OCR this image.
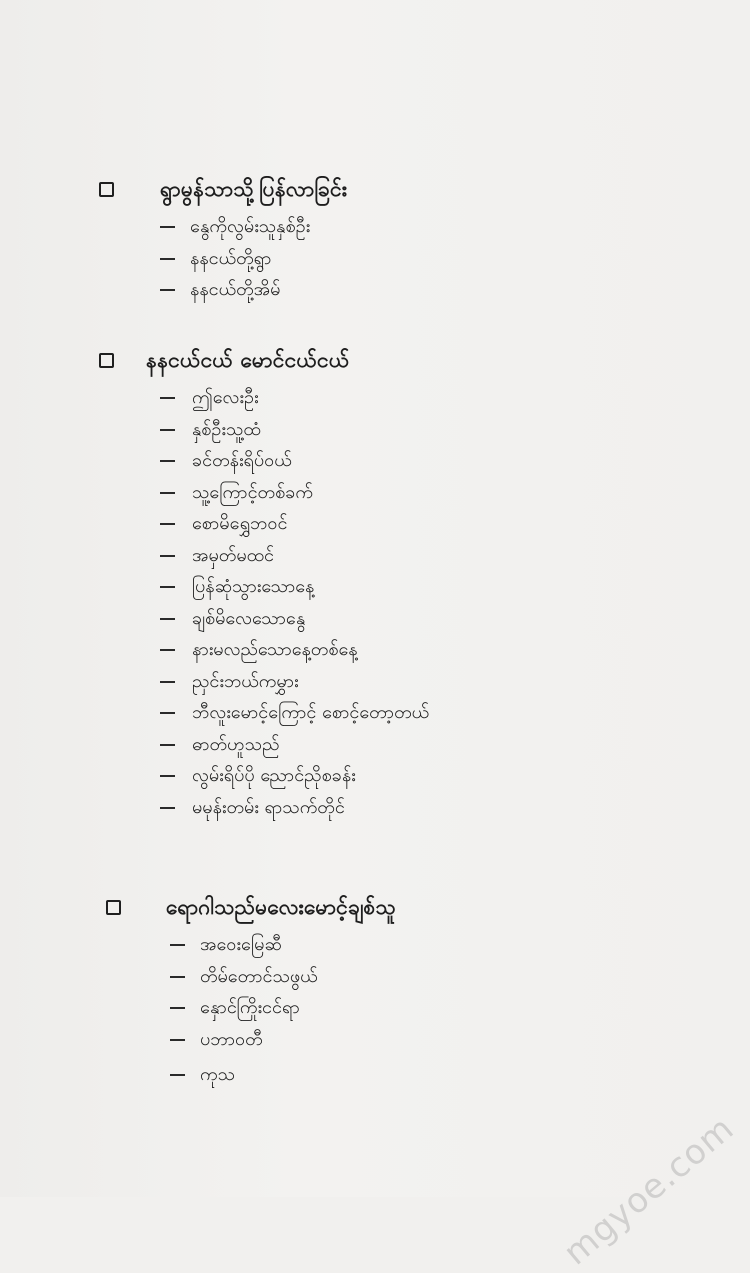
ရွာမွန်သာသို့ပြန်လာခြင်း
နွေကိုလွမ်းသူနှစ်ဦး
နနငယ်တို့ရွာ
နနငယ်တို့အိမ်
နနငယ်ငယ် မောင်ငယ်ငယ်
ဤလေးဦး
နှစ်ဦးသူ့ထံ
ခင်တန်းရိပ်ဝယ်
သူ့ကြောင့်တစ်ခက်
စောမိရွှေဘဝင်
အမှတ်မထင်
ပြန်ဆုံသွားသောနေ့
ချစ်မိလေသောနွေ
နားမလည်သောနေ့တစ်နေ့
ညှင်းဘယ်ကမွှား
ဘီလူးမောင့်ကြောင့် စောင့်တော့တယ်
ဓာတ်ဟူသည်
လွမ်းရိပ်ပို ညောင်ညိုစခန်း
မမုန်းတမ်း ရာသက်တိုင်
ရောဂါသည်မလေးမောင့်ချစ်သူ
အဝေးမြေဆီ
တိမ်တောင်သဖွယ်
နှောင်ကြိုးငင်ရာ
ပဘာဝတီ
ကုသ
mgyoe.com
